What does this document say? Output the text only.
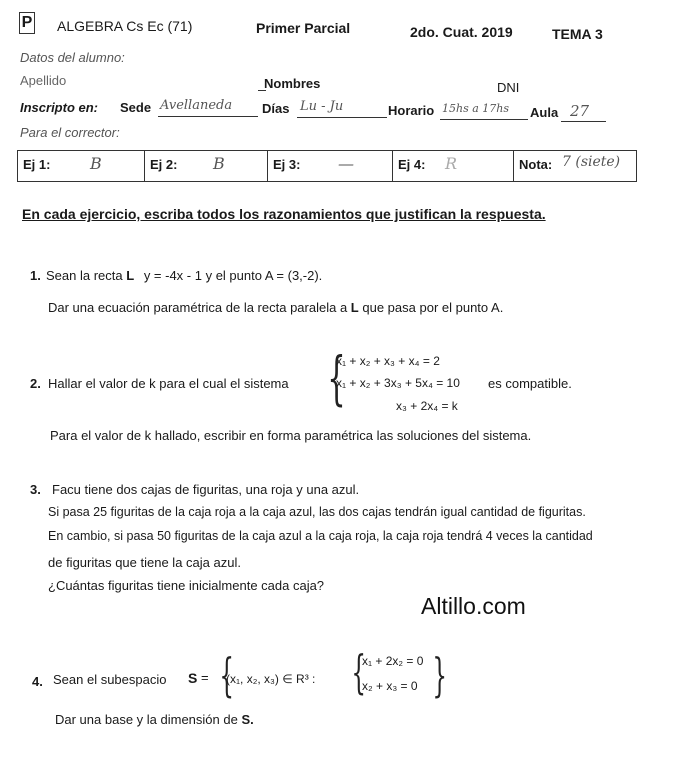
P ALGEBRA Cs Ec (71)	Primer Parcial	2do. Cuat. 2019	TEMA 3
Datos del alumno:
Apellido	Nombres	DNI
Inscripto en: Sede Avellaneda Días Lu - Ju	Horario 15hs a 17hs Aula 27
Para el corrector:
Ej 1: B	Ej 2: B	Ej 3: —	Ej 4: R	Nota: 7 (siete)
En cada ejercicio, escriba todos los razonamientos que justifican la respuesta.
1. Sean la recta L y = -4x - 1 y el punto A = (3,-2).
Dar una ecuación paramétrica de la recta paralela a L que pasa por el punto A.
2. Hallar el valor de k para el cual el sistema {
x₁ + x₂ + x₃ + x₄ = 2
x₁ + x₂ + 3x₃ + 5x₄ = 10
x₃ + 2x₄ = k
es compatible.
Para el valor de k hallado, escribir en forma paramétrica las soluciones del sistema.
3. Facu tiene dos cajas de figuritas, una roja y una azul.
Si pasa 25 figuritas de la caja roja a la caja azul, las dos cajas tendrán igual cantidad de figuritas.
En cambio, si pasa 50 figuritas de la caja azul a la caja roja, la caja roja tendrá 4 veces la cantidad
de figuritas que tiene la caja azul.
¿Cuántas figuritas tiene inicialmente cada caja?
Altillo.com
4. Sean el subespacio S = {
(x₁, x₂, x₃) ∈ R³ : {
x₁ + 2x₂ = 0
x₂ + x₃ = 0 }
Dar una base y la dimensión de S.
